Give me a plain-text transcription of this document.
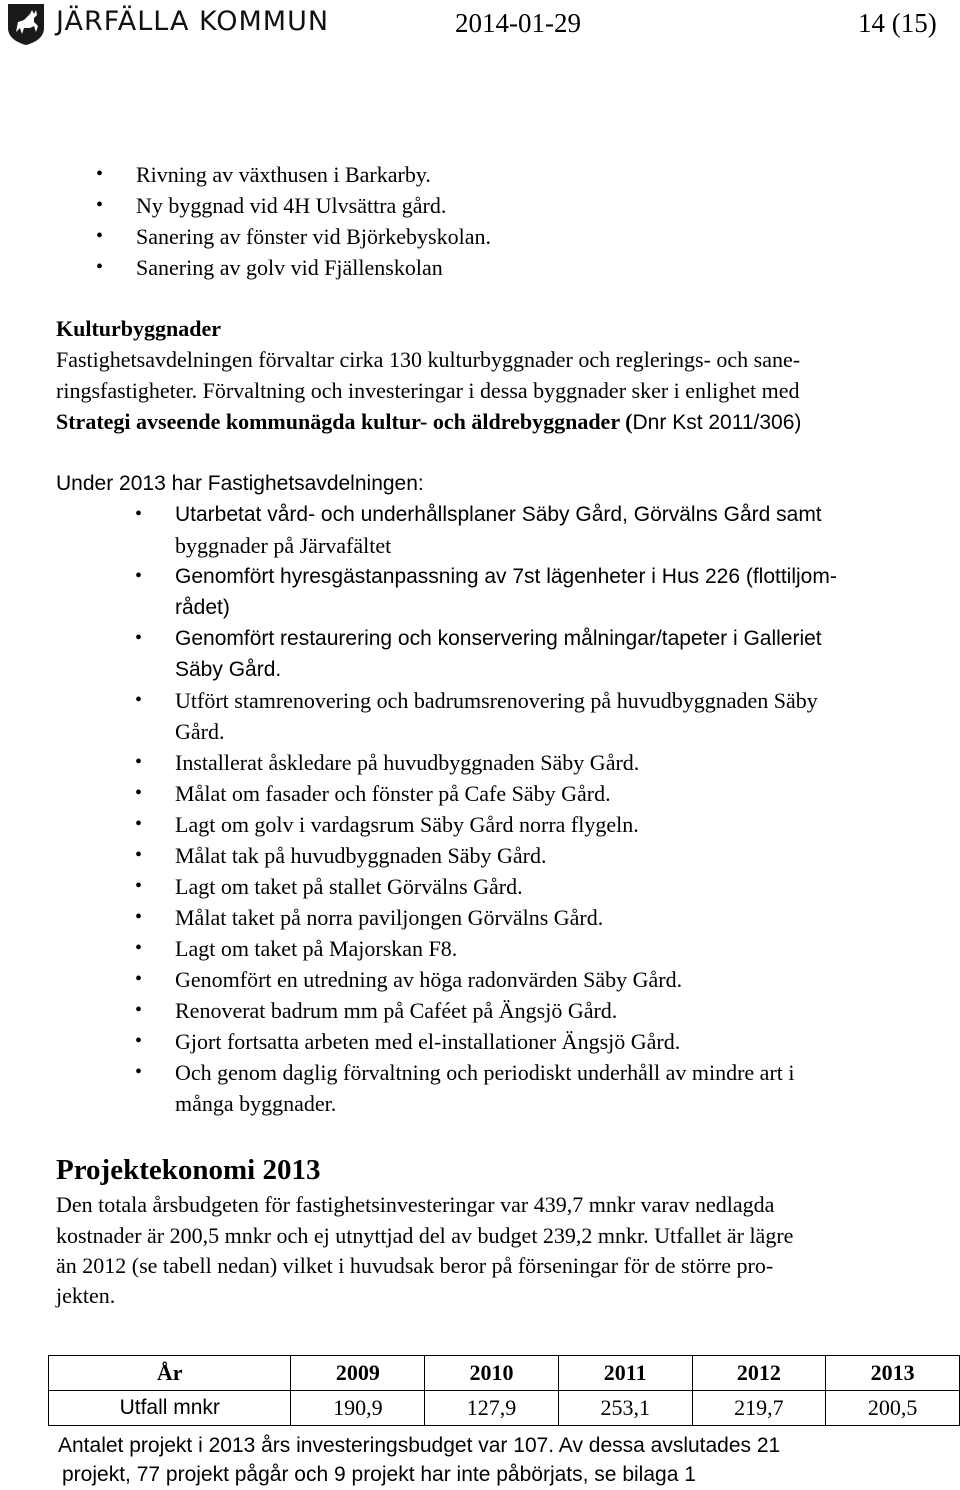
JÄRFÄLLA KOMMUN	2014-01-29	14 (15)
• Rivning av växthusen i Barkarby.
• Ny byggnad vid 4H Ulvsättra gård.
• Sanering av fönster vid Björkebyskolan.
• Sanering av golv vid Fjällenskolan
Kulturbyggnader
Fastighetsavdelningen förvaltar cirka 130 kulturbyggnader och reglerings- och sane-
ringsfastigheter. Förvaltning och investeringar i dessa byggnader sker i enlighet med
Strategi avseende kommunägda kultur- och äldrebyggnader (Dnr Kst 2011/306)
Under 2013 har Fastighetsavdelningen:
• Utarbetat vård- och underhållsplaner Säby Gård, Görvälns Gård samt
byggnader på Järvafältet
• Genomfört hyresgästanpassning av 7st lägenheter i Hus 226 (flottiljom-
rådet)
• Genomfört restaurering och konservering målningar/tapeter i Galleriet
Säby Gård.
• Utfört stamrenovering och badrumsrenovering på huvudbyggnaden Säby
Gård.
• Installerat åskledare på huvudbyggnaden Säby Gård.
• Målat om fasader och fönster på Cafe Säby Gård.
• Lagt om golv i vardagsrum Säby Gård norra flygeln.
• Målat tak på huvudbyggnaden Säby Gård.
• Lagt om taket på stallet Görvälns Gård.
• Målat taket på norra paviljongen Görvälns Gård.
• Lagt om taket på Majorskan F8.
• Genomfört en utredning av höga radonvärden Säby Gård.
• Renoverat badrum mm på Caféet på Ängsjö Gård.
• Gjort fortsatta arbeten med el-installationer Ängsjö Gård.
• Och genom daglig förvaltning och periodiskt underhåll av mindre art i
många byggnader.
Projektekonomi 2013
Den totala årsbudgeten för fastighetsinvesteringar var 439,7 mnkr varav nedlagda
kostnader är 200,5 mnkr och ej utnyttjad del av budget 239,2 mnkr. Utfallet är lägre
än 2012 (se tabell nedan) vilket i huvudsak beror på förseningar för de större pro-
jekten.
År	2009	2010	2011	2012	2013
Utfall mnkr	190,9	127,9	253,1	219,7	200,5
Antalet projekt i 2013 års investeringsbudget var 107. Av dessa avslutades 21
projekt, 77 projekt pågår och 9 projekt har inte påbörjats, se bilaga 1
